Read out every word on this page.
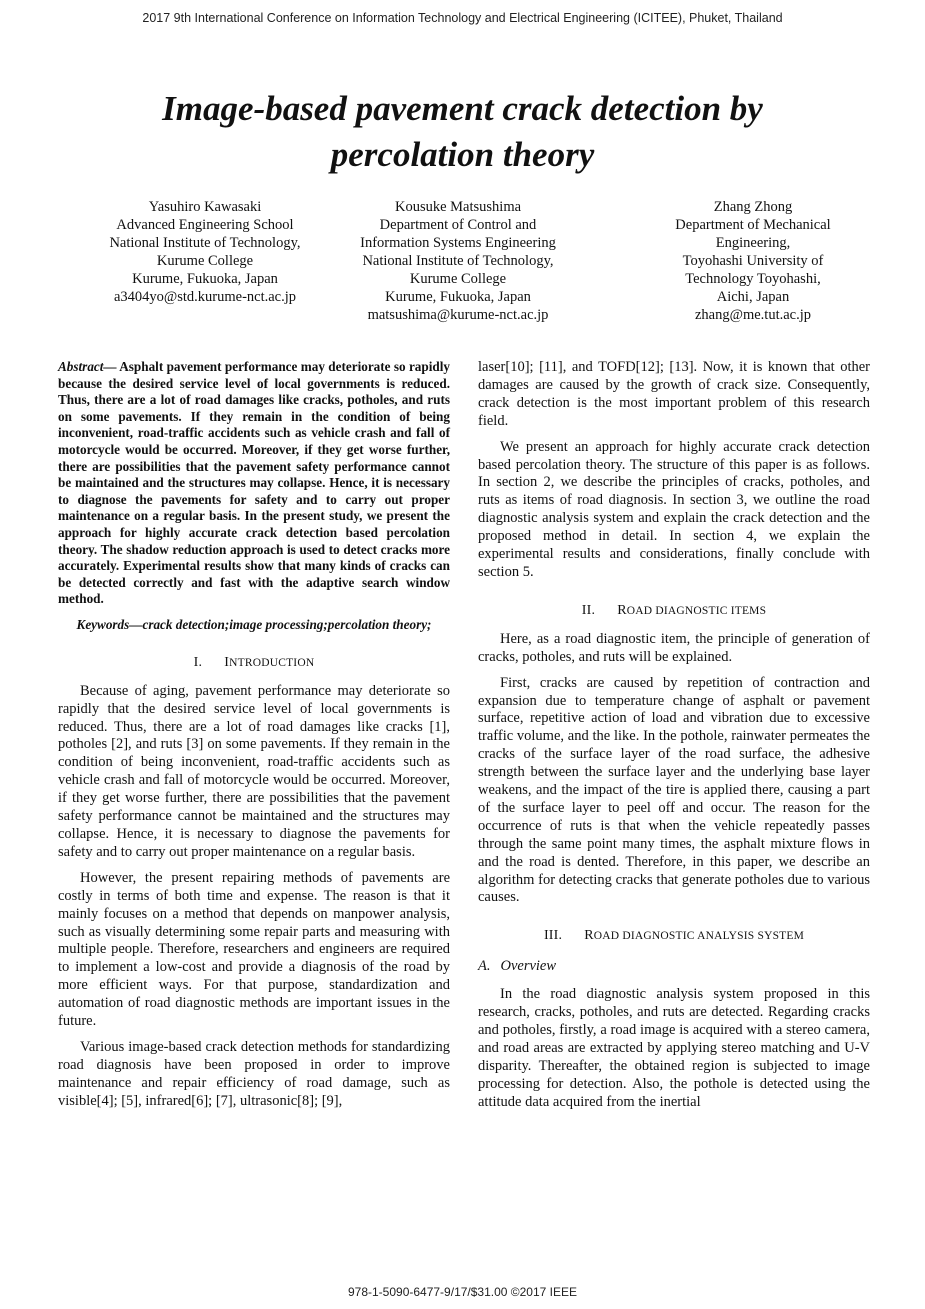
2017 9th International Conference on Information Technology and Electrical Engineering (ICITEE), Phuket, Thailand
Image-based pavement crack detection by
percolation theory
Yasuhiro Kawasaki
Advanced Engineering School
National Institute of Technology,
Kurume College
Kurume, Fukuoka, Japan
a3404yo@std.kurume-nct.ac.jp
Kousuke Matsushima
Department of Control and
Information Systems Engineering
National Institute of Technology,
Kurume College
Kurume, Fukuoka, Japan
matsushima@kurume-nct.ac.jp
Zhang Zhong
Department of Mechanical
Engineering,
Toyohashi University of
Technology Toyohashi,
Aichi, Japan
zhang@me.tut.ac.jp

Abstract— Asphalt pavement performance may deteriorate so rapidly because the desired service level of local governments is reduced. Thus, there are a lot of road damages like cracks, potholes, and ruts on some pavements. If they remain in the condition of being inconvenient, road-traffic accidents such as vehicle crash and fall of motorcycle would be occurred. Moreover, if they get worse further, there are possibilities that the pavement safety performance cannot be maintained and the structures may collapse. Hence, it is necessary to diagnose the pavements for safety and to carry out proper maintenance on a regular basis. In the present study, we present the approach for highly accurate crack detection based percolation theory. The shadow reduction approach is used to detect cracks more accurately. Experimental results show that many kinds of cracks can be detected correctly and fast with the adaptive search window method.

Keywords—crack detection;image processing;percolation theory;

I. INTRODUCTION

Because of aging, pavement performance may deteriorate so rapidly that the desired service level of local governments is reduced. Thus, there are a lot of road damages like cracks [1], potholes [2], and ruts [3] on some pavements. If they remain in the condition of being inconvenient, road-traffic accidents such as vehicle crash and fall of motorcycle would be occurred. Moreover, if they get worse further, there are possibilities that the pavement safety performance cannot be maintained and the structures may collapse. Hence, it is necessary to diagnose the pavements for safety and to carry out proper maintenance on a regular basis.

However, the present repairing methods of pavements are costly in terms of both time and expense. The reason is that it mainly focuses on a method that depends on manpower analysis, such as visually determining some repair parts and measuring with multiple people. Therefore, researchers and engineers are required to implement a low-cost and provide a diagnosis of the road by more efficient ways. For that purpose, standardization and automation of road diagnostic methods are important issues in the future.

Various image-based crack detection methods for standardizing road diagnosis have been proposed in order to improve maintenance and repair efficiency of road damage, such as visible[4]; [5], infrared[6]; [7], ultrasonic[8]; [9],

laser[10]; [11], and TOFD[12]; [13]. Now, it is known that other damages are caused by the growth of crack size. Consequently, crack detection is the most important problem of this research field.

We present an approach for highly accurate crack detection based percolation theory. The structure of this paper is as follows. In section 2, we describe the principles of cracks, potholes, and ruts as items of road diagnosis. In section 3, we outline the road diagnostic analysis system and explain the crack detection and the proposed method in detail. In section 4, we explain the experimental results and considerations, finally conclude with section 5.

II. ROAD DIAGNOSTIC ITEMS

Here, as a road diagnostic item, the principle of generation of cracks, potholes, and ruts will be explained.

First, cracks are caused by repetition of contraction and expansion due to temperature change of asphalt or pavement surface, repetitive action of load and vibration due to excessive traffic volume, and the like. In the pothole, rainwater permeates the cracks of the surface layer of the road surface, the adhesive strength between the surface layer and the underlying base layer weakens, and the impact of the tire is applied there, causing a part of the surface layer to peel off and occur. The reason for the occurrence of ruts is that when the vehicle repeatedly passes through the same point many times, the asphalt mixture flows in and the road is dented. Therefore, in this paper, we describe an algorithm for detecting cracks that generate potholes due to various causes.

III. ROAD DIAGNOSTIC ANALYSIS SYSTEM
A. Overview

In the road diagnostic analysis system proposed in this research, cracks, potholes, and ruts are detected. Regarding cracks and potholes, firstly, a road image is acquired with a stereo camera, and road areas are extracted by applying stereo matching and U-V disparity. Thereafter, the obtained region is subjected to image processing for detection. Also, the pothole is detected using the attitude data acquired from the inertial

978-1-5090-6477-9/17/$31.00 ©2017 IEEE
